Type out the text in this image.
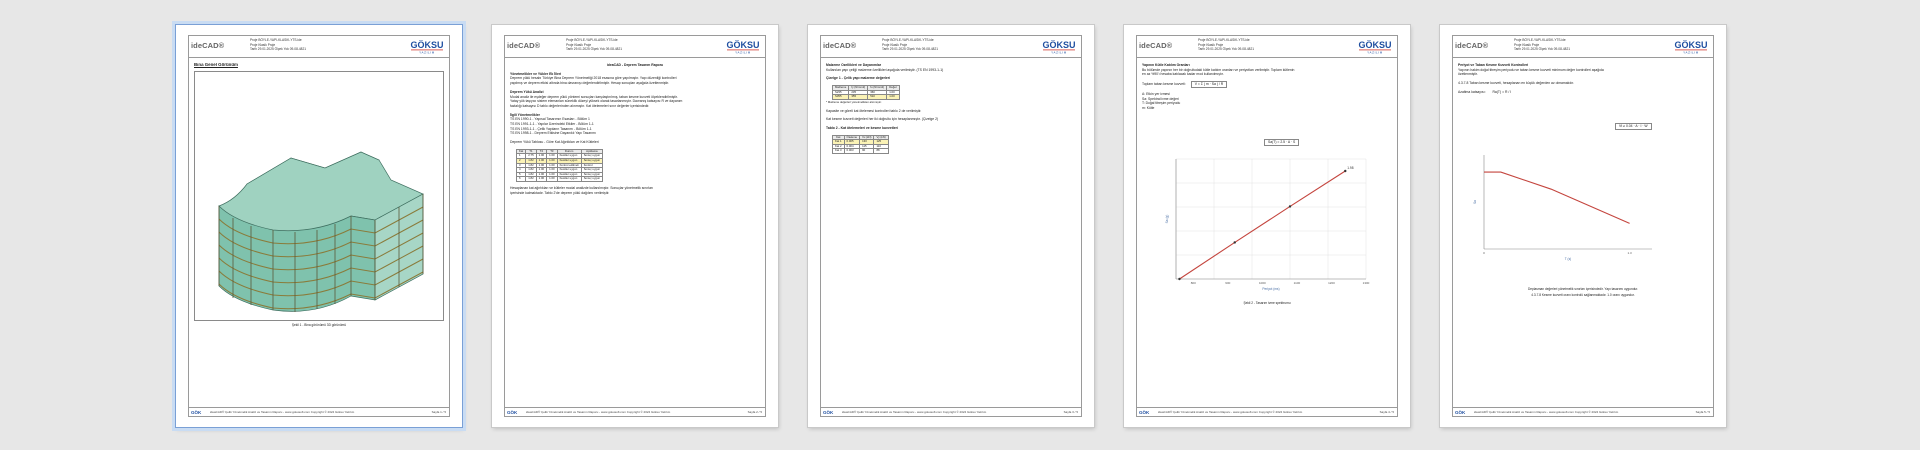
ideCAD®
Proje BÖYLE-YAPI-KLASİK-YTS.ide
Proje Klasik Proje
Tarih 29.01.2025 Ölçek Yok 09-08-4821	GÖKSU
YAZILIM
Bina Genel Görünüm
Şekil 1 - Bina görünümü 3D görünümü
GÖK	ideaCAD® Çelik Yönetmelik Analiz ve Tasarım Raporu - www.gokusoft.com Copyright © 2024 Göksu Yazılım	Sayfa 1 / 5
ideCAD®
Proje BÖYLE-YAPI-KLASİK-YTS.ide
Proje Klasik Proje
Tarih 29.01.2025 Ölçek Yok 09-08-4821	GÖKSU
YAZILIM
ideaCAD - Deprem Tasarım Raporu
Yönetmelikler ve Yükler Ek İlleri
Deprem yükü hesabı Türkiye Bina Deprem Yönetmeliği 2018 esasına göre yapılmıştır. Yapı düzenliği kontrolleri
yapılmış ve deprem etkisi altında bina davranışı değerlendirilmiştir. Hesap sonuçları aşağıda özetlenmiştir.
Deprem Yükü Analizi
Modal analiz ile eşdeğer deprem yükü yöntemi sonuçları karşılaştırılmış, taban kesme kuvveti ölçeklendirilmiştir.
Yatay yük taşıyıcı sistem elemanları süneklik düzeyi yüksek olarak tasarlanmıştır. Davranış katsayısı R ve dayanım
fazlalığı katsayısı D tablo değerlerinden alınmıştır. Kat ötelemeleri sınır değerler içerisindedir.
İlgili Yönetmelikler
TS EN 1990-1 - Yapısal Tasarımın Esasları - Bölüm 1
TS EN 1991-1-1 - Yapılar Üzerindeki Etkiler - Bölüm 1-1
TS EN 1993-1-1 - Çelik Yapıların Tasarımı - Bölüm 1-1
TS EN 1998-1 - Deprem Etkisine Dayanıklı Yapı Tasarımı
Deprem Yükü Tablosu - Göre Kat Ağırlıkları ve Kat Kütleleri
Kat	T1	T2	T3	Durum	Açıklama
1	2.75	1.00	1.00	Kesitler uygun	Sonuç uygun
2	1.82	1.00	1.00	Kesitler uygun	Sonuç uygun
3	1.82	1.00	1.00	Kontrol edilmeli	Kontrol
4	1.82	1.00	1.00	Kesitler uygun	Sonuç uygun
5	1.82	1.00	1.00	Kesitler uygun	Sonuç uygun
6	1.82	1.00	1.00	Kesitler uygun	Sonuç uygun
Hesaplanan kat ağırlıkları ve kütleler modal analizde kullanılmıştır. Sonuçlar yönetmelik sınırları
içerisinde kalmaktadır. Tablo 2'de deprem yükü dağılımı verilmiştir.
GÖK	ideaCAD® Çelik Yönetmelik Analiz ve Tasarım Raporu - www.gokusoft.com Copyright © 2024 Göksu Yazılım	Sayfa 2 / 5
ideCAD®
Proje BÖYLE-YAPI-KLASİK-YTS.ide
Proje Klasik Proje
Tarih 29.01.2025 Ölçek Yok 09-08-4821	GÖKSU
YAZILIM
Malzeme Özellikleri ve Dayanımlar
Kullanılan yapı çeliği malzeme özellikleri aşağıda verilmiştir. (TS EN 1993-1-1)
Çizelge 1 - Çelik yapı malzeme değerleri
Malzeme	fy (N/mm2)	fu (N/mm2)	Değer
S235	235	360	1.00
S355	355	510	1.00
* Malzeme değerleri yönetmelikten alınmıştır.
Kapasite ve göreli kat ötelemesi kontrolleri tablo 2 de verilmiştir.
Kat kesme kuvveti değerleri her iki doğrultu için hesaplanmıştır. (Çizelge 2)
Tablo 2 - Kat ötelemeleri ve kesme kuvvetleri
Kat	Öteleme	Vx (kN)	Vy (kN)
Kat 1	0.005	130	125
Kat 2	0.004	115	110
Kat 3	0.003	90	88
GÖK	ideaCAD® Çelik Yönetmelik Analiz ve Tasarım Raporu - www.gokusoft.com Copyright © 2024 Göksu Yazılım	Sayfa 3 / 5
ideCAD®
Proje BÖYLE-YAPI-KLASİK-YTS.ide
Proje Klasik Proje
Tarih 29.01.2025 Ölçek Yok 09-08-4821	GÖKSU
YAZILIM
Yapının Kütle Katılım Oranları
Bu bölümde yapının her bir doğrultudaki kütle katılım oranları ve periyotları verilmiştir. Toplam kütlenin
en az %90'ı hesaba katılacak kadar mod kullanılmıştır.
Toplam taban kesme kuvveti:	V = Σ ( m · Sa ) / R
A: Etkin yer ivmesi
Sa: Spektral ivme değeri
T: Doğal titreşim periyodu
m: Kütle
Sa(T) = 2.5 · A · S
1.98
800	900	1000	1100	1200	1300
Periyot (ms)
Sa (g)
Şekil 2 - Tasarım ivme spektrumu
GÖK	ideaCAD® Çelik Yönetmelik Analiz ve Tasarım Raporu - www.gokusoft.com Copyright © 2024 Göksu Yazılım	Sayfa 4 / 5
ideCAD®
Proje BÖYLE-YAPI-KLASİK-YTS.ide
Proje Klasik Proje
Tarih 29.01.2025 Ölçek Yok 09-08-4821	GÖKSU
YAZILIM
Periyot ve Taban Kesme Kuvveti Kontrolleri
Yapının hakim doğal titreşim periyodu ve taban kesme kuvveti minimum değer kontrolleri aşağıda
özetlenmiştir.
4.3.7.8 Taban kesme kuvveti, hesaplanan en küçük değerden az olmamalıdır.
Azaltma katsayısı: Ra(T) = R / I
Vt ≥ 0.04 · A · I · W
0	1.3
T (s)
Sa
Deplasman değerleri yönetmelik sınırları içerisindedir. Yapı tasarımı uygundur.
4.3.7.8 Kesme kuvveti oranı kontrolü sağlanmaktadır. 1.0 oranı uygundur.
GÖK	ideaCAD® Çelik Yönetmelik Analiz ve Tasarım Raporu - www.gokusoft.com Copyright © 2024 Göksu Yazılım	Sayfa 5 / 5
